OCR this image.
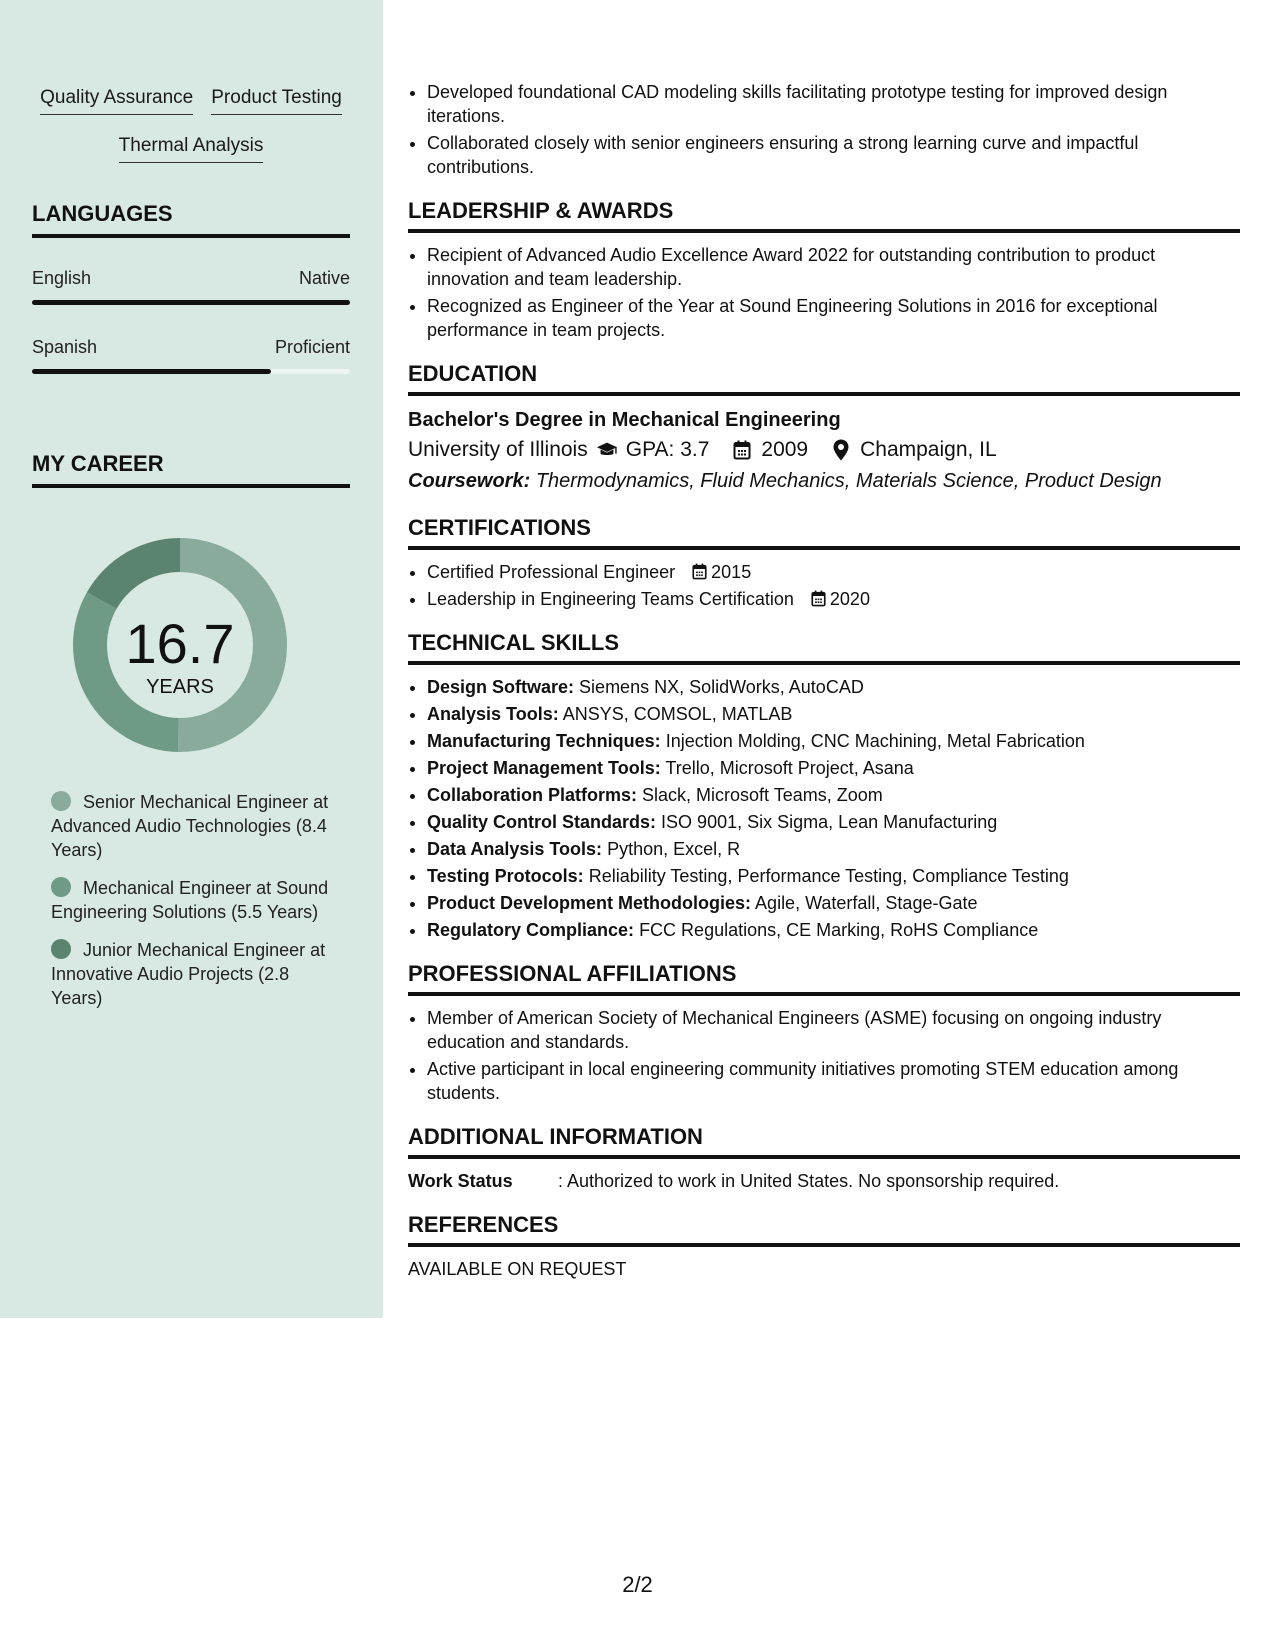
Quality Assurance Product Testing
Thermal Analysis
LANGUAGES
English	Native
Spanish	Proficient
MY CAREER
16.7
YEARS
Senior Mechanical Engineer at Advanced Audio Technologies (8.4 Years)
Mechanical Engineer at Sound Engineering Solutions (5.5 Years)
Junior Mechanical Engineer at Innovative Audio Projects (2.8 Years)
• Developed foundational CAD modeling skills facilitating prototype testing for improved design iterations.
• Collaborated closely with senior engineers ensuring a strong learning curve and impactful contributions.
LEADERSHIP & AWARDS
• Recipient of Advanced Audio Excellence Award 2022 for outstanding contribution to product innovation and team leadership.
• Recognized as Engineer of the Year at Sound Engineering Solutions in 2016 for exceptional performance in team projects.
EDUCATION
Bachelor's Degree in Mechanical Engineering
University of Illinois GPA: 3.7 2009 Champaign, IL
Coursework: Thermodynamics, Fluid Mechanics, Materials Science, Product Design
CERTIFICATIONS
• Certified Professional Engineer 2015
• Leadership in Engineering Teams Certification 2020
TECHNICAL SKILLS
• Design Software: Siemens NX, SolidWorks, AutoCAD
• Analysis Tools: ANSYS, COMSOL, MATLAB
• Manufacturing Techniques: Injection Molding, CNC Machining, Metal Fabrication
• Project Management Tools: Trello, Microsoft Project, Asana
• Collaboration Platforms: Slack, Microsoft Teams, Zoom
• Quality Control Standards: ISO 9001, Six Sigma, Lean Manufacturing
• Data Analysis Tools: Python, Excel, R
• Testing Protocols: Reliability Testing, Performance Testing, Compliance Testing
• Product Development Methodologies: Agile, Waterfall, Stage-Gate
• Regulatory Compliance: FCC Regulations, CE Marking, RoHS Compliance
PROFESSIONAL AFFILIATIONS
• Member of American Society of Mechanical Engineers (ASME) focusing on ongoing industry education and standards.
• Active participant in local engineering community initiatives promoting STEM education among students.
ADDITIONAL INFORMATION
Work Status	: Authorized to work in United States. No sponsorship required.
REFERENCES
AVAILABLE ON REQUEST
2/2
